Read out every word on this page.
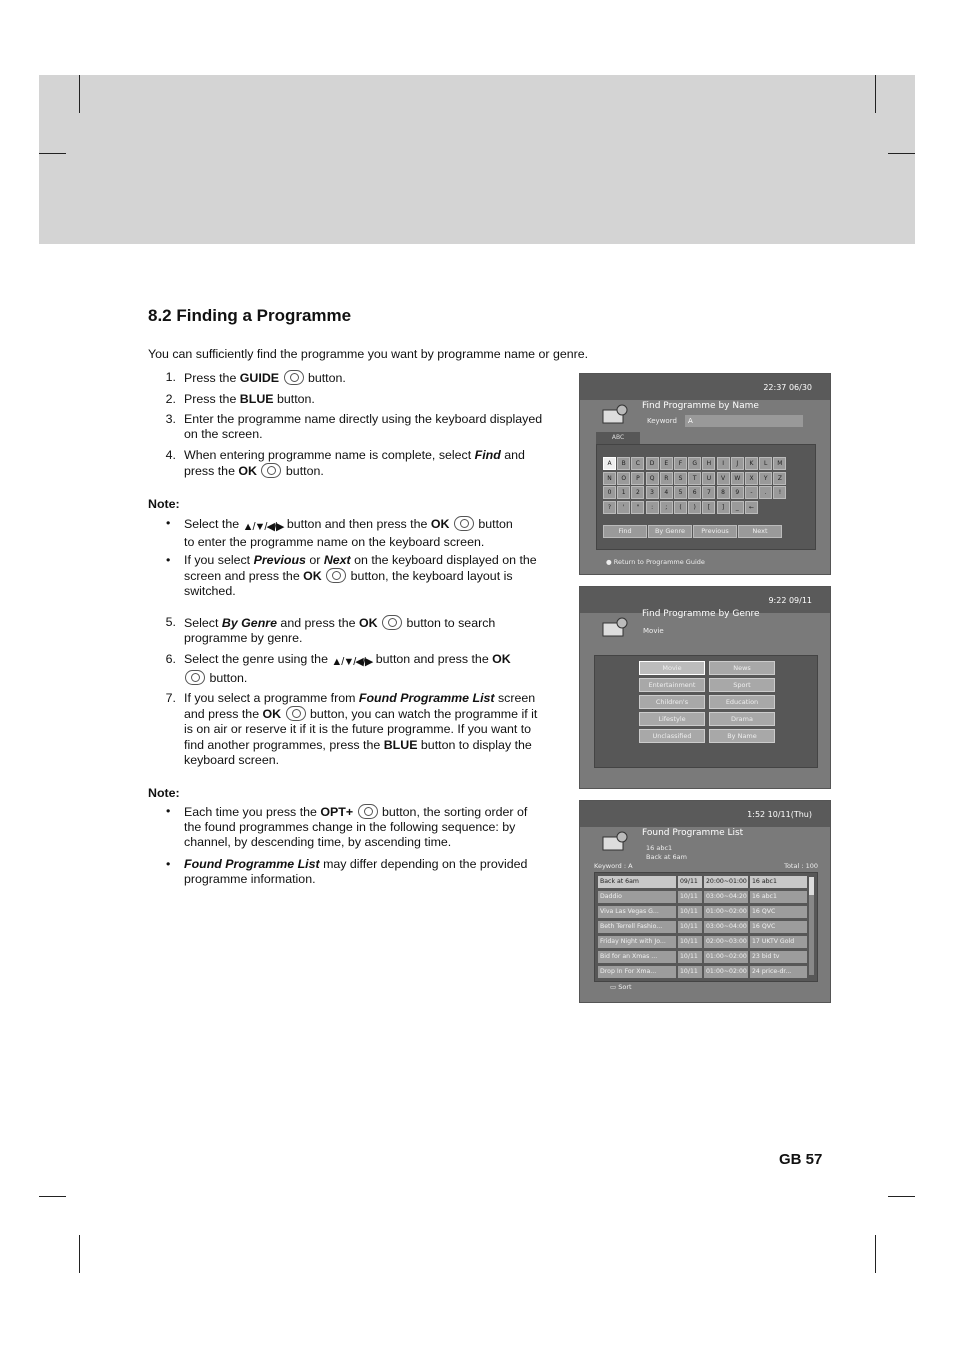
8.2 Finding a Programme
You can sufficiently find the programme you want by programme name or genre.
1. Press the GUIDE  button.
2. Press the BLUE button.
3. Enter the programme name directly using the keyboard displayed
on the screen.
4. When entering programme name is complete, select Find and
press the OK  button.
Note:
• Select the ▲/▼/◀/▶ button and then press the OK  button
to enter the programme name on the keyboard screen.
• If you select Previous or Next on the keyboard displayed on the
screen and press the OK  button, the keyboard layout is
switched.
5. Select By Genre and press the OK  button to search
programme by genre.
6. Select the genre using the ▲/▼/◀/▶ button and press the OK
button.
7. If you select a programme from Found Programme List screen
and press the OK  button, you can watch the programme if it
is on air or reserve it if it is the future programme. If you want to
find another programmes, press the BLUE button to display the
keyboard screen.
Note:
• Each time you press the OPT+  button, the sorting order of
the found programmes change in the following sequence: by
channel, by descending time, by ascending time.
• Found Programme List may differ depending on the provided
programme information.
GB 57
22:37 06/30
Find Programme by Name
Keyword	A
ABC
A	B	C	D	E	F	G	H	I	J	K	L	M
N	O	P	Q	R	S	T	U	V	W	X	Y	Z
0	1	2	3	4	5	6	7	8	9	-	.	!
?	'	"	:	;	(	)	[	]	_	←
Find	By Genre	Previous	Next
● Return to Programme Guide
9:22 09/11
Find Programme by Genre
Movie
Movie	News
Entertainment	Sport
Children's	Education
Lifestyle	Drama
Unclassified	By Name
1:52 10/11(Thu)
Found Programme List
16 abc1
Back at 6am
Keyword : A	Total : 100
Back at 6am	09/11	20:00~01:00 16 abc1
Daddio	10/11	03:00~04:20 16 abc1
Viva Las Vegas G...	10/11	01:00~02:00 16 QVC
Beth Terrell Fashio...	10/11	03:00~04:00 16 QVC
Friday Night with Jo...	10/11	02:00~03:00 17 UKTV Gold
Bid for an Xmas ...	10/11	01:00~02:00 23 bid tv
Drop In For Xma...	10/11	01:00~02:00 24 price-dr...
▭ Sort
